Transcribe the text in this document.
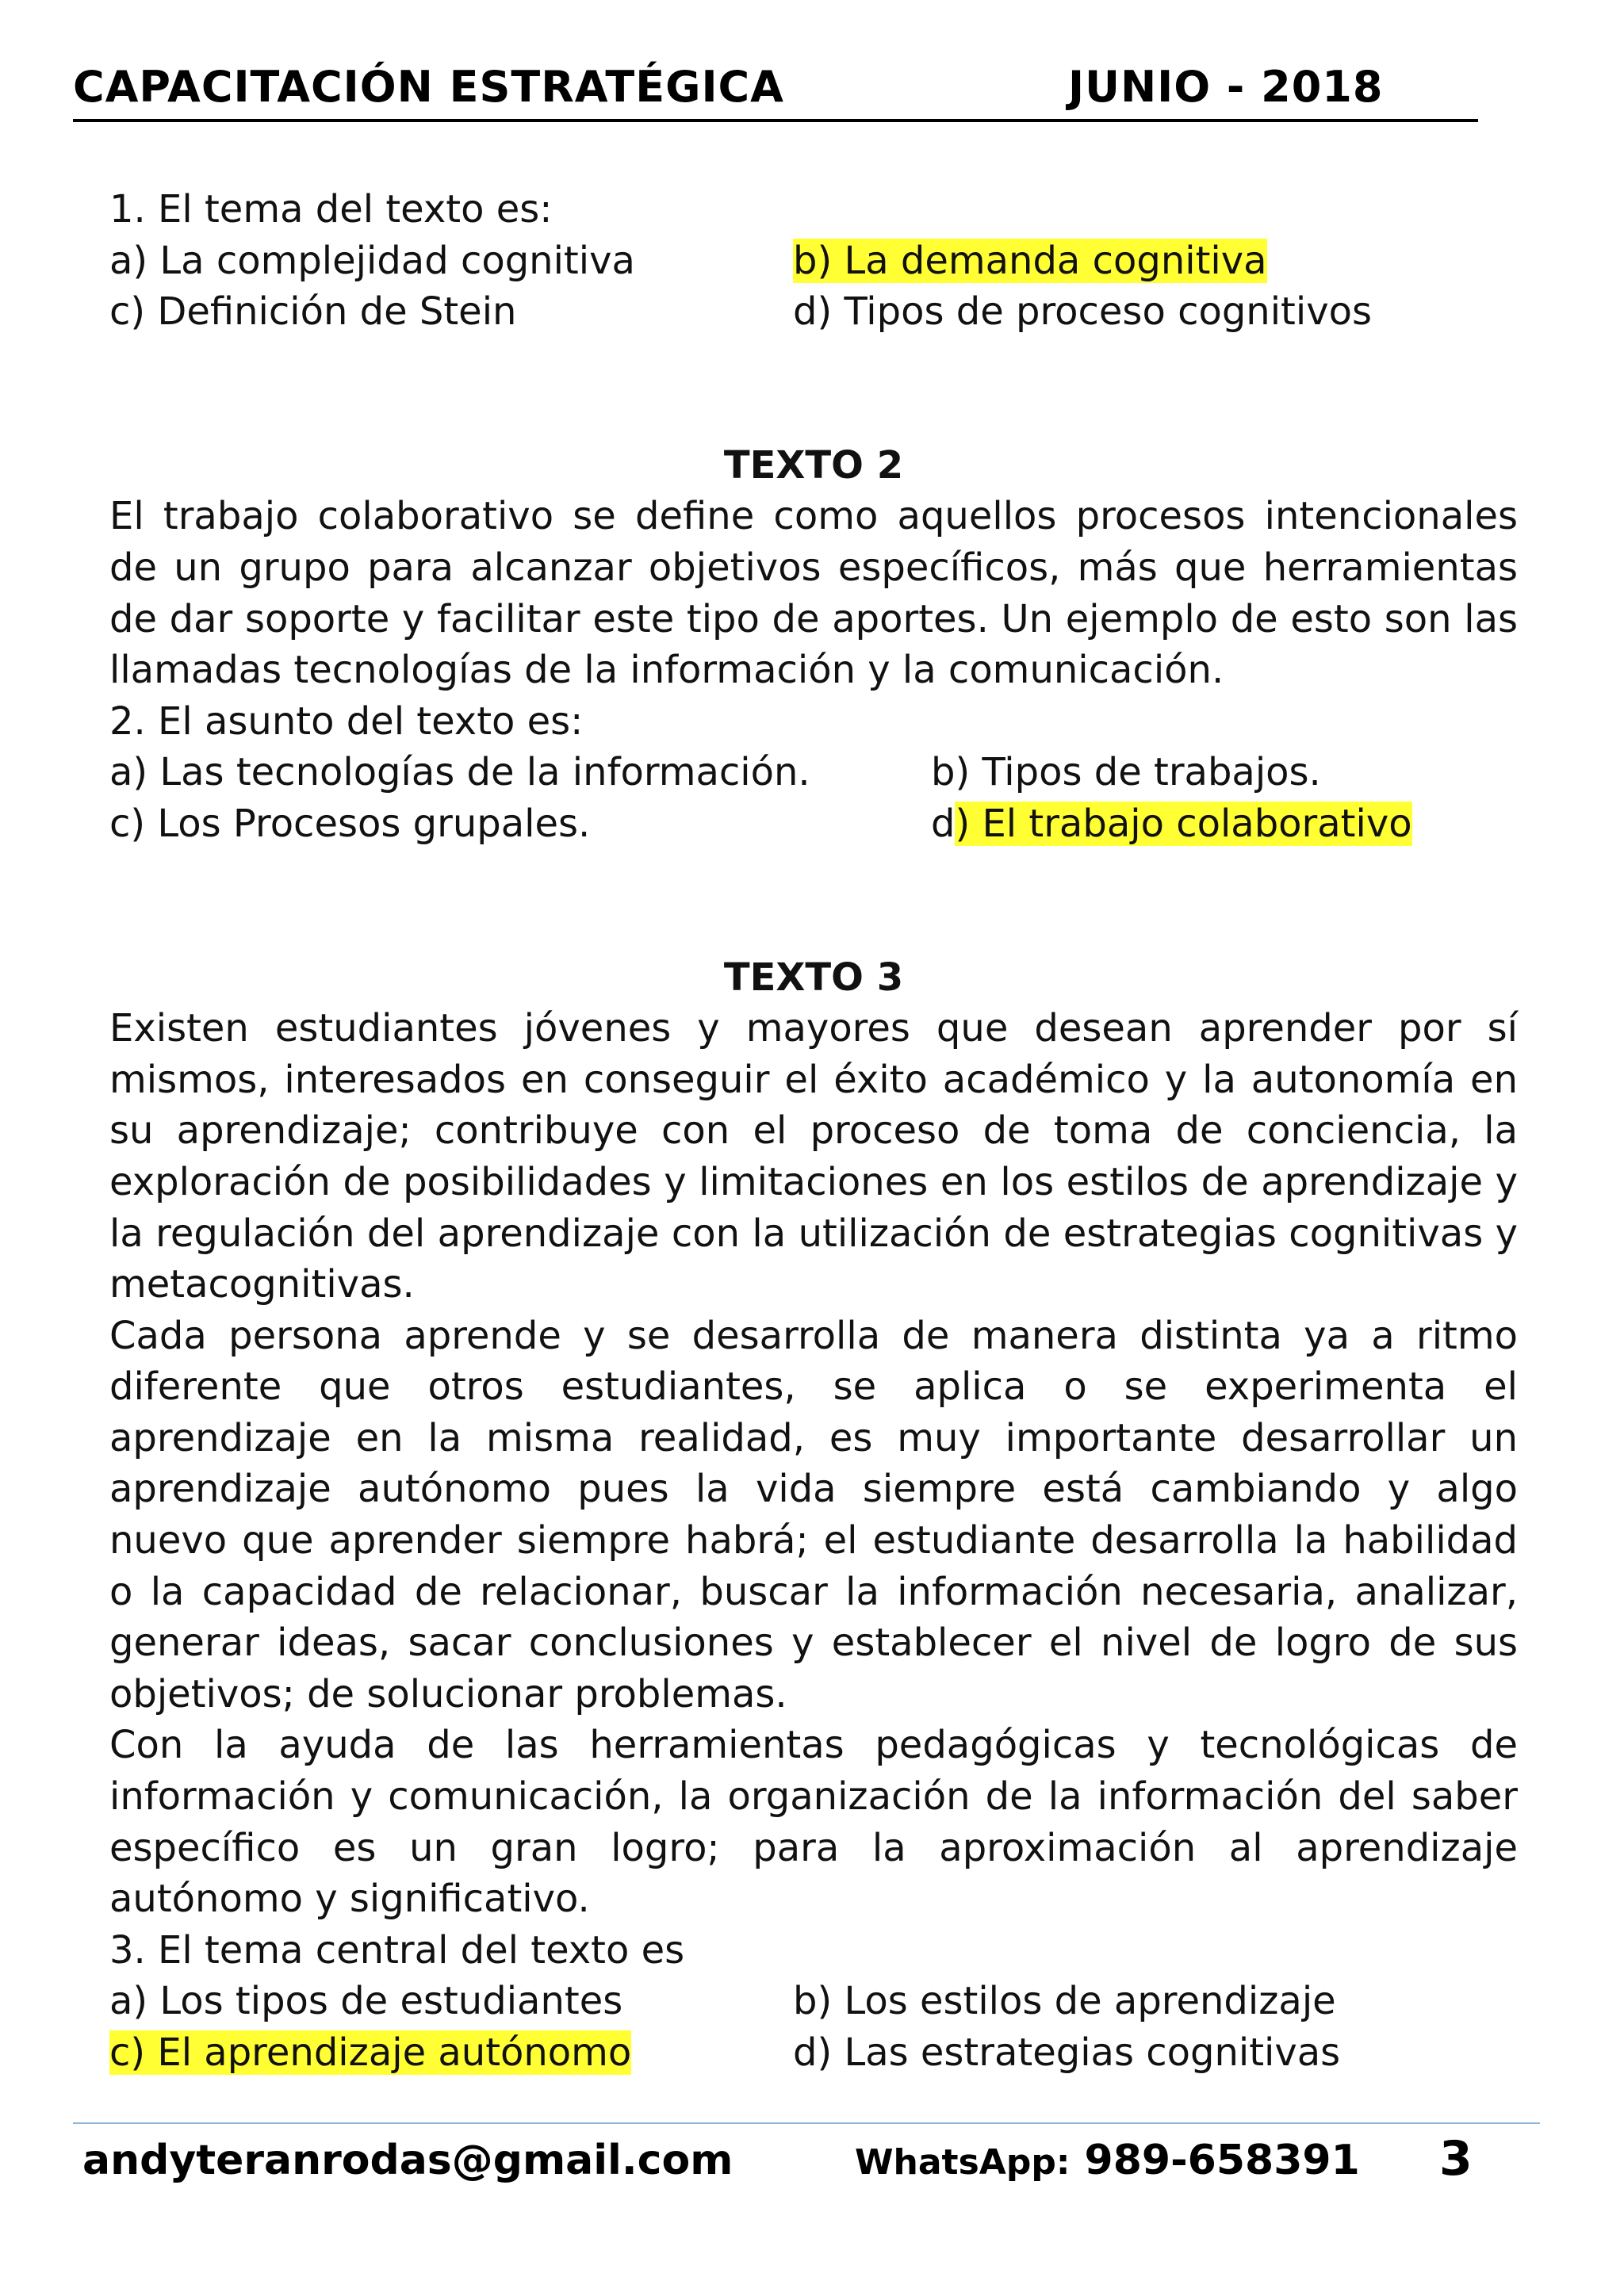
CAPACITACIÓN ESTRATÉGICA	JUNIO - 2018
1. El tema del texto es:
a) La complejidad cognitiva	b) La demanda cognitiva
c) Definición de Stein	d) Tipos de proceso cognitivos
TEXTO 2
El trabajo colaborativo se define como aquellos procesos intencionales de un grupo para alcanzar objetivos específicos, más que herramientas de dar soporte y facilitar este tipo de aportes. Un ejemplo de esto son las llamadas tecnologías de la información y la comunicación.
2. El asunto del texto es:
a) Las tecnologías de la información.	b) Tipos de trabajos.
c) Los Procesos grupales.	d) El trabajo colaborativo
TEXTO 3
Existen estudiantes jóvenes y mayores que desean aprender por sí mismos, interesados en conseguir el éxito académico y la autonomía en su aprendizaje; contribuye con el proceso de toma de conciencia, la exploración de posibilidades y limitaciones en los estilos de aprendizaje y la regulación del aprendizaje con la utilización de estrategias cognitivas y metacognitivas.
Cada persona aprende y se desarrolla de manera distinta ya a ritmo diferente que otros estudiantes, se aplica o se experimenta el aprendizaje en la misma realidad, es muy importante desarrollar un aprendizaje autónomo pues la vida siempre está cambiando y algo nuevo que aprender siempre habrá; el estudiante desarrolla la habilidad o la capacidad de relacionar, buscar la información necesaria, analizar, generar ideas, sacar conclusiones y establecer el nivel de logro de sus objetivos; de solucionar problemas.
Con la ayuda de las herramientas pedagógicas y tecnológicas de información y comunicación, la organización de la información del saber específico es un gran logro; para la aproximación al aprendizaje autónomo y significativo.
3. El tema central del texto es
a) Los tipos de estudiantes	b) Los estilos de aprendizaje
c) El aprendizaje autónomo	d) Las estrategias cognitivas
andyteranrodas@gmail.com	WhatsApp: 989-658391 3
